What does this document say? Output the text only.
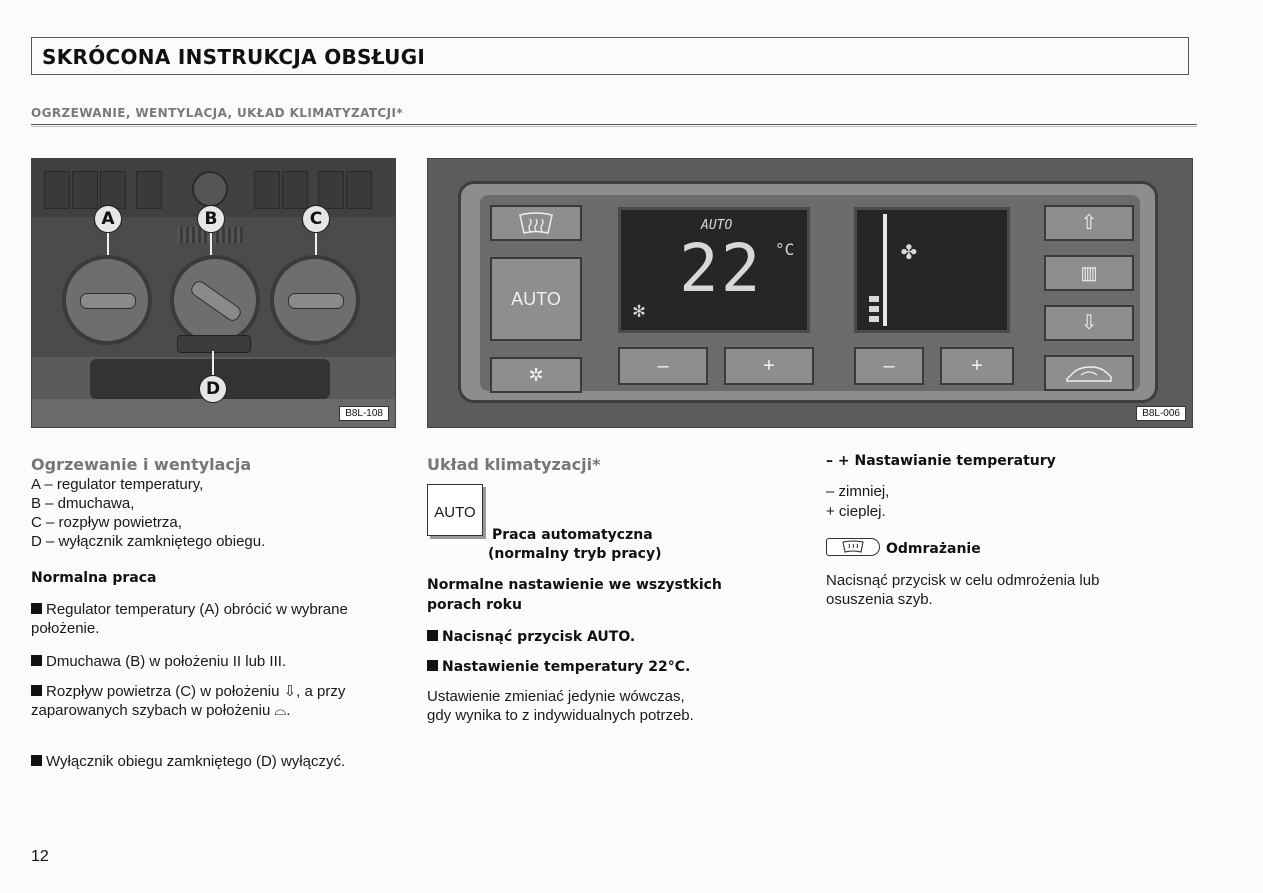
SKRÓCONA INSTRUKCJA OBSŁUGI
OGRZEWANIE, WENTYLACJA, UKŁAD KLIMATYZATCJI*
A	B	C
D
B8L-108
AUTO
✲
AUTO
22 °C
✻
–	+
✤
–	+
⇧
▥
⇩
B8L-006
Ogrzewanie i wentylacja
A – regulator temperatury,
B – dmuchawa,
C – rozpływ powietrza,
D – wyłącznik zamkniętego obiegu.
Normalna praca
Regulator temperatury (A) obrócić w wybrane położenie.
Dmuchawa (B) w położeniu II lub III.
Rozpływ powietrza (C) w położeniu ⇩, a przy zaparowanych szybach w położeniu ⌓.
Wyłącznik obiegu zamkniętego (D) wyłączyć.
Układ klimatyzacji*
AUTO
Praca automatyczna
(normalny tryb pracy)
Normalne nastawienie we wszystkich
porach roku
Nacisnąć przycisk AUTO.
Nastawienie temperatury 22°C.
Ustawienie zmieniać jedynie wówczas,
gdy wynika to z indywidualnych potrzeb.
– + Nastawianie temperatury
– zimniej,
+ cieplej.
Odmrażanie
Nacisnąć przycisk w celu odmrożenia lub
osuszenia szyb.
12
